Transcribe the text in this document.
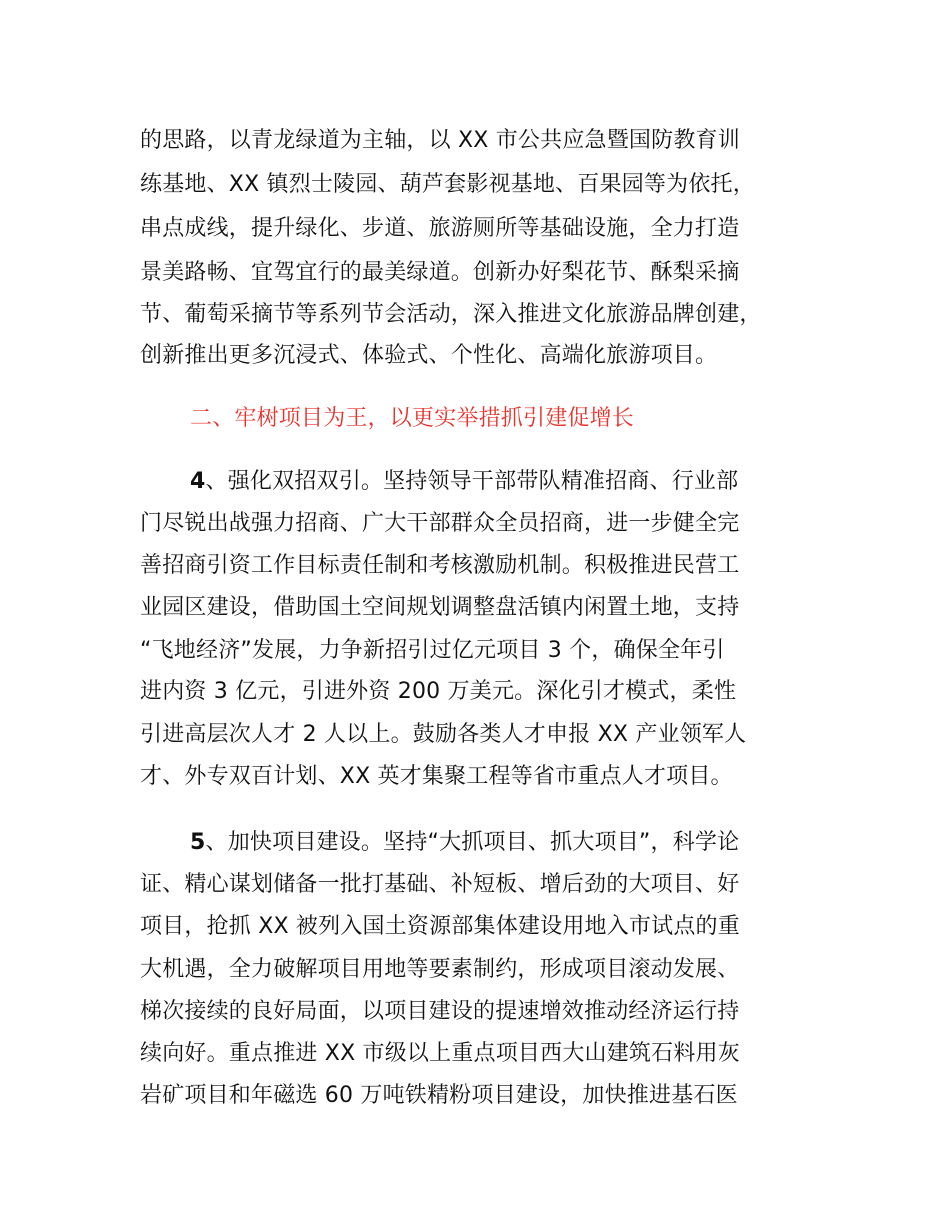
的思路，以青龙绿道为主轴，以 XX 市公共应急暨国防教育训
练基地、XX 镇烈士陵园、葫芦套影视基地、百果园等为依托，
串点成线，提升绿化、步道、旅游厕所等基础设施，全力打造
景美路畅、宜驾宜行的最美绿道。创新办好梨花节、酥梨采摘
节、葡萄采摘节等系列节会活动，深入推进文化旅游品牌创建，
创新推出更多沉浸式、体验式、个性化、高端化旅游项目。
二、牢树项目为王，以更实举措抓引建促增长
4、强化双招双引。坚持领导干部带队精准招商、行业部
门尽锐出战强力招商、广大干部群众全员招商，进一步健全完
善招商引资工作目标责任制和考核激励机制。积极推进民营工
业园区建设，借助国土空间规划调整盘活镇内闲置土地，支持
“飞地经济”发展，力争新招引过亿元项目 3 个，确保全年引
进内资 3 亿元，引进外资 200 万美元。深化引才模式，柔性
引进高层次人才 2 人以上。鼓励各类人才申报 XX 产业领军人
才、外专双百计划、XX 英才集聚工程等省市重点人才项目。
5、加快项目建设。坚持“大抓项目、抓大项目”，科学论
证、精心谋划储备一批打基础、补短板、增后劲的大项目、好
项目，抢抓 XX 被列入国土资源部集体建设用地入市试点的重
大机遇，全力破解项目用地等要素制约，形成项目滚动发展、
梯次接续的良好局面，以项目建设的提速增效推动经济运行持
续向好。重点推进 XX 市级以上重点项目西大山建筑石料用灰
岩矿项目和年磁选 60 万吨铁精粉项目建设，加快推进基石医
